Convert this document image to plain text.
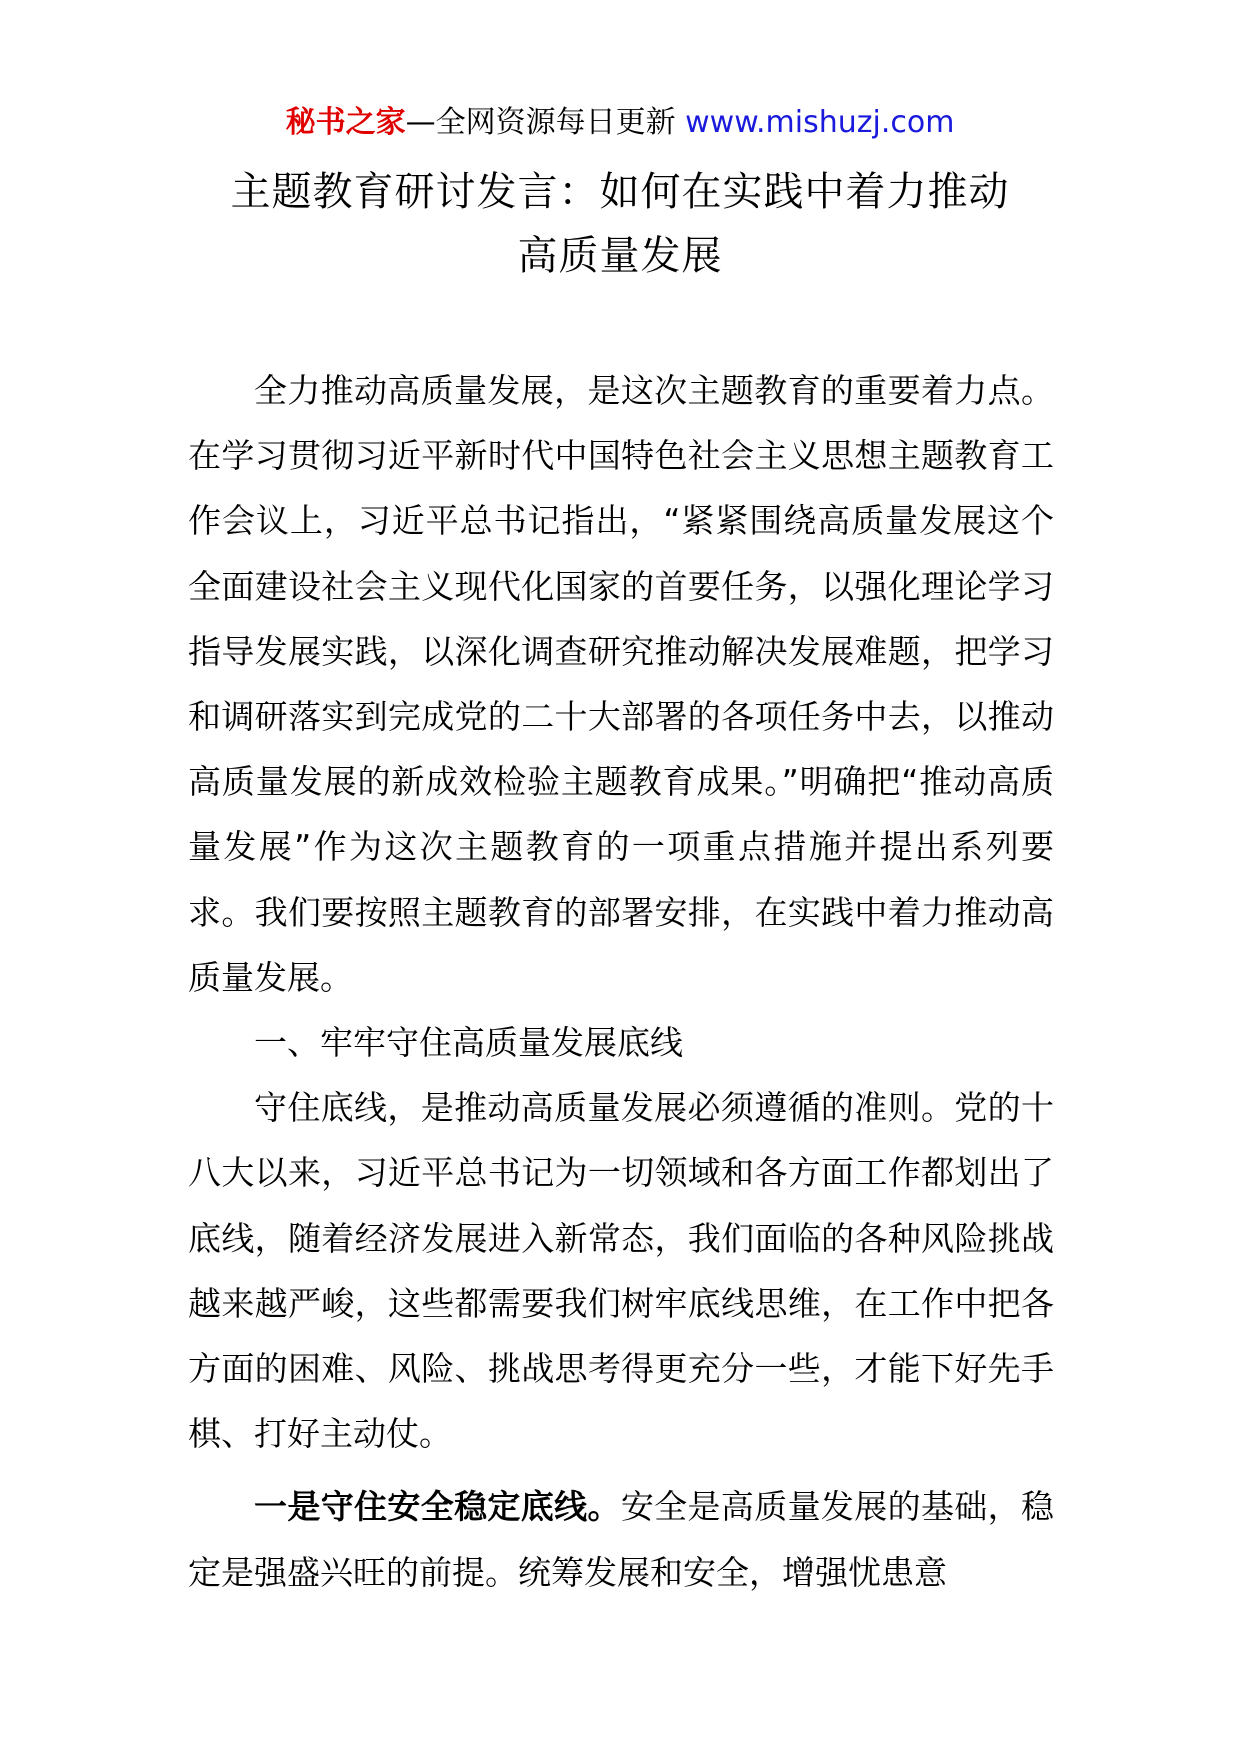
秘书之家—全网资源每日更新 www.mishuzj.com
主题教育研讨发言：如何在实践中着力推动
高质量发展

全力推动高质量发展，是这次主题教育的重要着力点。在学习贯彻习近平新时代中国特色社会主义思想主题教育工作会议上，习近平总书记指出，“紧紧围绕高质量发展这个全面建设社会主义现代化国家的首要任务，以强化理论学习指导发展实践，以深化调查研究推动解决发展难题，把学习和调研落实到完成党的二十大部署的各项任务中去，以推动高质量发展的新成效检验主题教育成果。”明确把“推动高质量发展”作为这次主题教育的一项重点措施并提出系列要求。我们要按照主题教育的部署安排，在实践中着力推动高质量发展。

一、牢牢守住高质量发展底线

守住底线，是推动高质量发展必须遵循的准则。党的十八大以来，习近平总书记为一切领域和各方面工作都划出了底线，随着经济发展进入新常态，我们面临的各种风险挑战越来越严峻，这些都需要我们树牢底线思维，在工作中把各方面的困难、风险、挑战思考得更充分一些，才能下好先手棋、打好主动仗。

一是守住安全稳定底线。安全是高质量发展的基础，稳定是强盛兴旺的前提。统筹发展和安全，增强忧患意
